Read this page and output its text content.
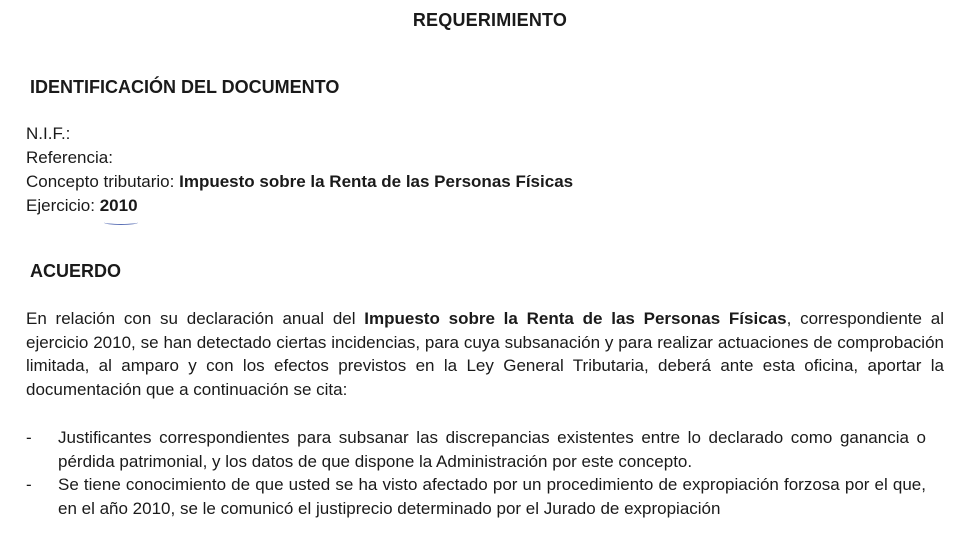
REQUERIMIENTO
IDENTIFICACIÓN DEL DOCUMENTO
N.I.F.:
Referencia:
Concepto tributario: Impuesto sobre la Renta de las Personas Físicas
Ejercicio: 2010
ACUERDO
En relación con su declaración anual del Impuesto sobre la Renta de las Personas Físicas, correspondiente al ejercicio 2010, se han detectado ciertas incidencias, para cuya subsanación y para realizar actuaciones de comprobación limitada, al amparo y con los efectos previstos en la Ley General Tributaria, deberá ante esta oficina, aportar la documentación que a continuación se cita:
- Justificantes correspondientes para subsanar las discrepancias existentes entre lo declarado como ganancia o pérdida patrimonial, y los datos de que dispone la Administración por este concepto.
- Se tiene conocimiento de que usted se ha visto afectado por un procedimiento de expropiación forzosa por el que, en el año 2010, se le comunicó el justiprecio determinado por el Jurado de expropiación
